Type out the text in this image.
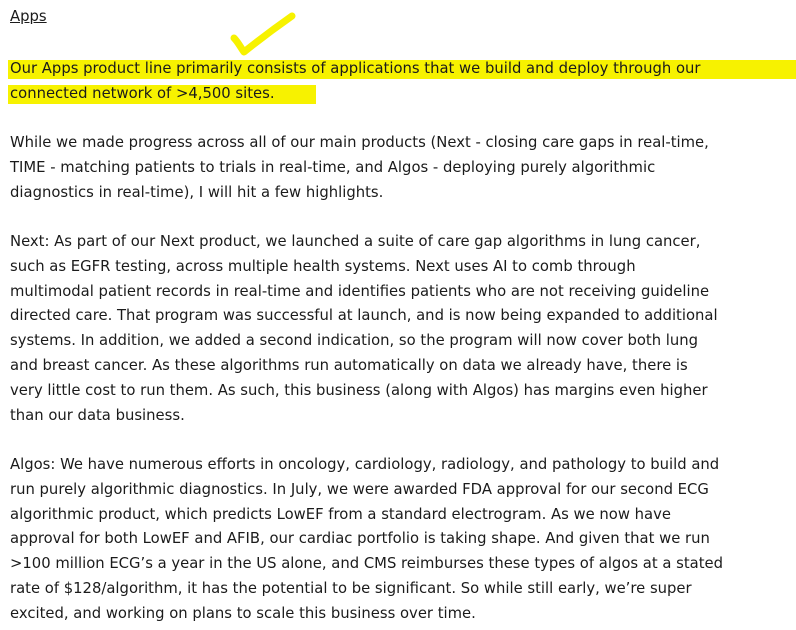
Apps
Our Apps product line primarily consists of applications that we build and deploy through our
connected network of >4,500 sites.
While we made progress across all of our main products (Next - closing care gaps in real-time,
TIME - matching patients to trials in real-time, and Algos - deploying purely algorithmic
diagnostics in real-time), I will hit a few highlights.
Next: As part of our Next product, we launched a suite of care gap algorithms in lung cancer,
such as EGFR testing, across multiple health systems. Next uses AI to comb through
multimodal patient records in real-time and identifies patients who are not receiving guideline
directed care. That program was successful at launch, and is now being expanded to additional
systems. In addition, we added a second indication, so the program will now cover both lung
and breast cancer. As these algorithms run automatically on data we already have, there is
very little cost to run them. As such, this business (along with Algos) has margins even higher
than our data business.
Algos: We have numerous efforts in oncology, cardiology, radiology, and pathology to build and
run purely algorithmic diagnostics. In July, we were awarded FDA approval for our second ECG
algorithmic product, which predicts LowEF from a standard electrogram. As we now have
approval for both LowEF and AFIB, our cardiac portfolio is taking shape. And given that we run
>100 million ECG’s a year in the US alone, and CMS reimburses these types of algos at a stated
rate of $128/algorithm, it has the potential to be significant. So while still early, we’re super
excited, and working on plans to scale this business over time.
